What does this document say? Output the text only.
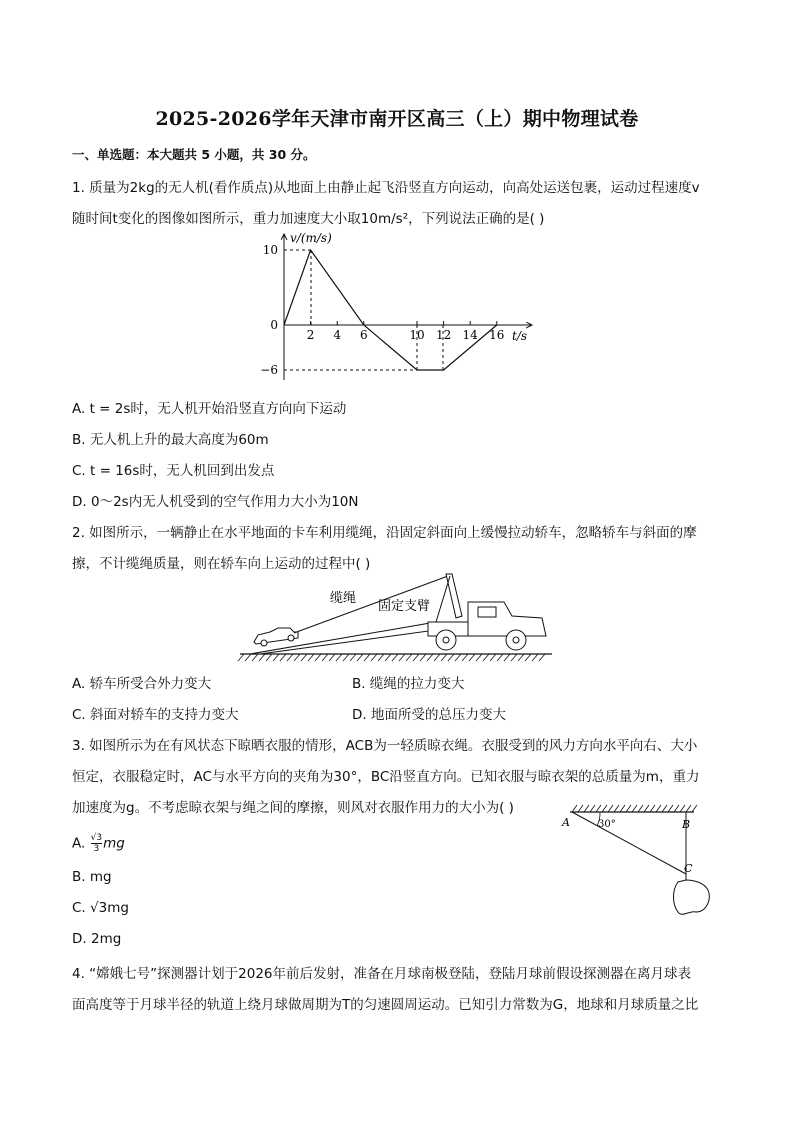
2025-2026学年天津市南开区高三（上）期中物理试卷
一、单选题：本大题共 5 小题，共 30 分。
1. 质量为2kg的无人机(看作质点)从地面上由静止起飞沿竖直方向运动，向高处运送包裹，运动过程速度v
随时间t变化的图像如图所示，重力加速度大小取10m/s²，下列说法正确的是( )
2 4 6	10 12 14 16
10
0
−6
v/(m/s)
t/s
A. t = 2s时，无人机开始沿竖直方向向下运动
B. 无人机上升的最大高度为60m
C. t = 16s时，无人机回到出发点
D. 0～2s内无人机受到的空气作用力大小为10N
2. 如图所示，一辆静止在水平地面的卡车利用缆绳，沿固定斜面向上缓慢拉动轿车，忽略轿车与斜面的摩
擦，不计缆绳质量，则在轿车向上运动的过程中( )
缆绳
固定支臂
A. 轿车所受合外力变大	B. 缆绳的拉力变大
C. 斜面对轿车的支持力变大	D. 地面所受的总压力变大
3. 如图所示为在有风状态下晾晒衣服的情形，ACB为一轻质晾衣绳。衣服受到的风力方向水平向右、大小
恒定，衣服稳定时，AC与水平方向的夹角为30°，BC沿竖直方向。已知衣服与晾衣架的总质量为m，重力
加速度为g。不考虑晾衣架与绳之间的摩擦，则风对衣服作用力的大小为( )
A. $\frac{√3}{3}$ mg
B. mg
C. √3mg
D. 2mg
A	30°	B
C
4. “嫦娥七号”探测器计划于2026年前后发射，准备在月球南极登陆，登陆月球前假设探测器在离月球表
面高度等于月球半径的轨道上绕月球做周期为T的匀速圆周运动。已知引力常数为G，地球和月球质量之比
